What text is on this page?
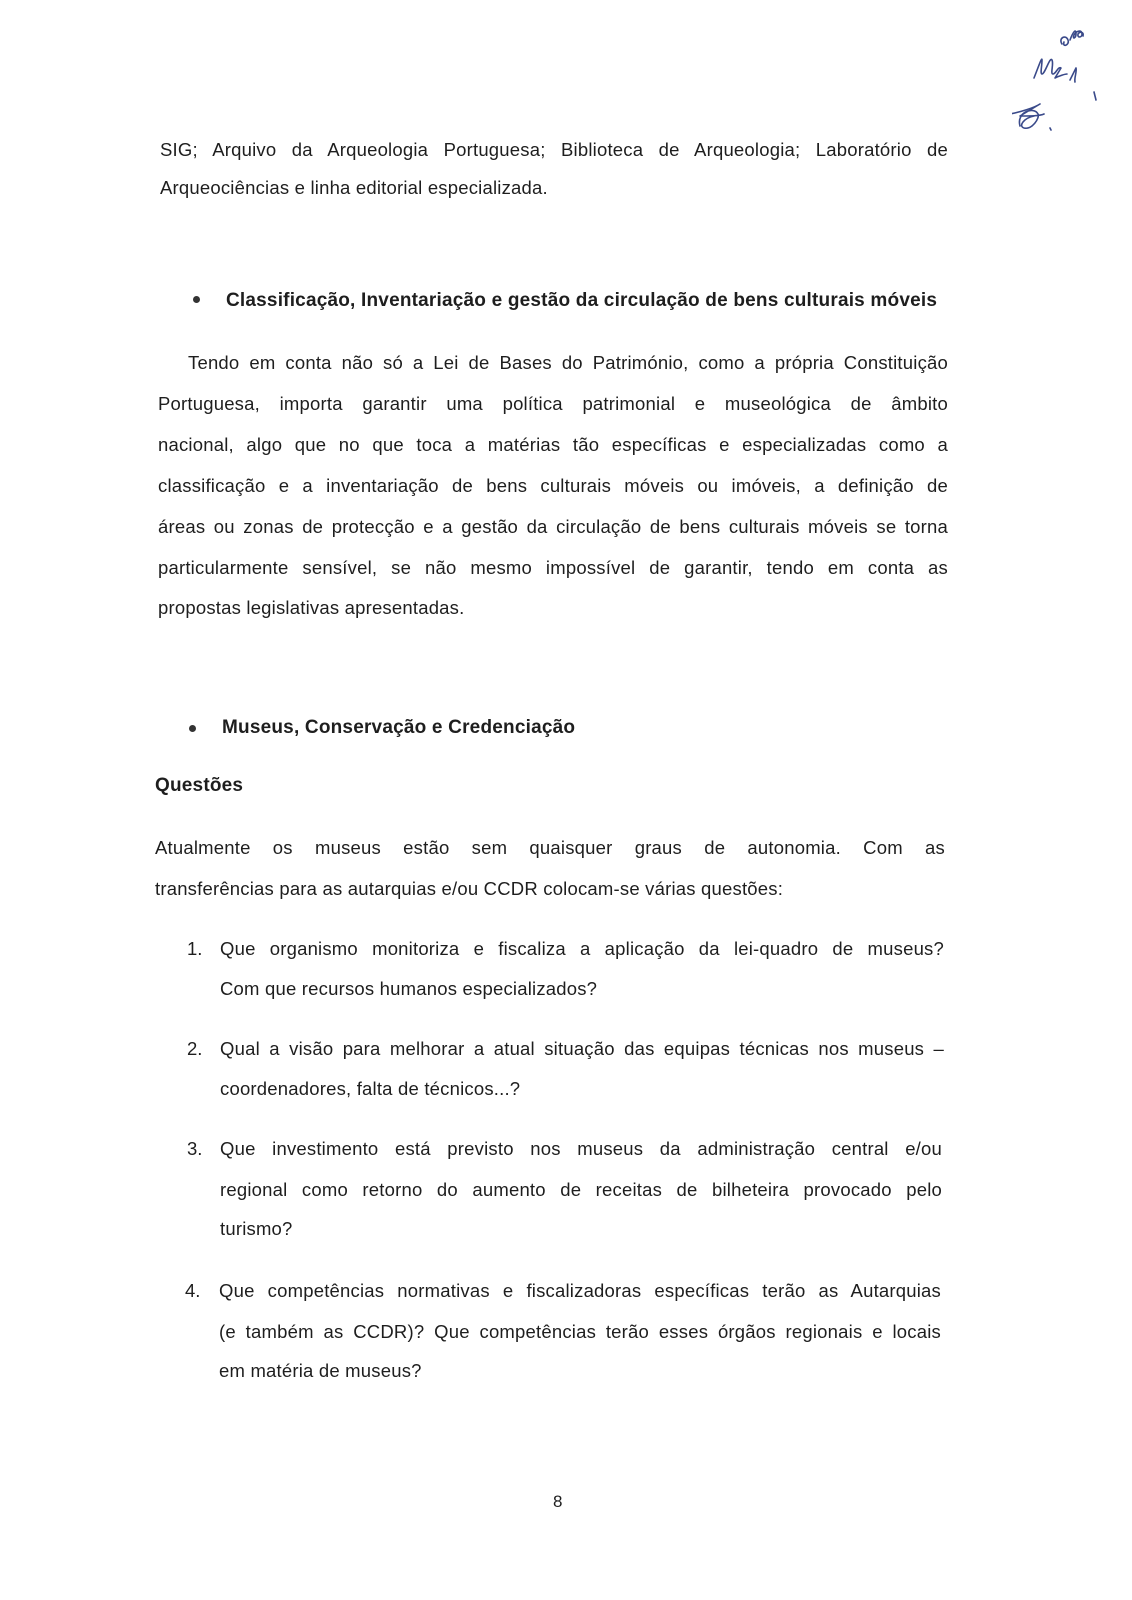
SIG; Arquivo da Arqueologia Portuguesa; Biblioteca de Arqueologia; Laboratório de
Arqueociências e linha editorial especializada.
Classificação, Inventariação e gestão da circulação de bens culturais móveis
Tendo em conta não só a Lei de Bases do Património, como a própria Constituição
Portuguesa, importa garantir uma política patrimonial e museológica de âmbito
nacional, algo que no que toca a matérias tão específicas e especializadas como a
classificação e a inventariação de bens culturais móveis ou imóveis, a definição de
áreas ou zonas de protecção e a gestão da circulação de bens culturais móveis se torna
particularmente sensível, se não mesmo impossível de garantir, tendo em conta as
propostas legislativas apresentadas.
Museus, Conservação e Credenciação
Questões
Atualmente os museus estão sem quaisquer graus de autonomia. Com as
transferências para as autarquias e/ou CCDR colocam-se várias questões:
1. Que organismo monitoriza e fiscaliza a aplicação da lei-quadro de museus?
Com que recursos humanos especializados?
2. Qual a visão para melhorar a atual situação das equipas técnicas nos museus –
coordenadores, falta de técnicos...?
3. Que investimento está previsto nos museus da administração central e/ou
regional como retorno do aumento de receitas de bilheteira provocado pelo
turismo?
4. Que competências normativas e fiscalizadoras específicas terão as Autarquias
(e também as CCDR)? Que competências terão esses órgãos regionais e locais
em matéria de museus?
8
